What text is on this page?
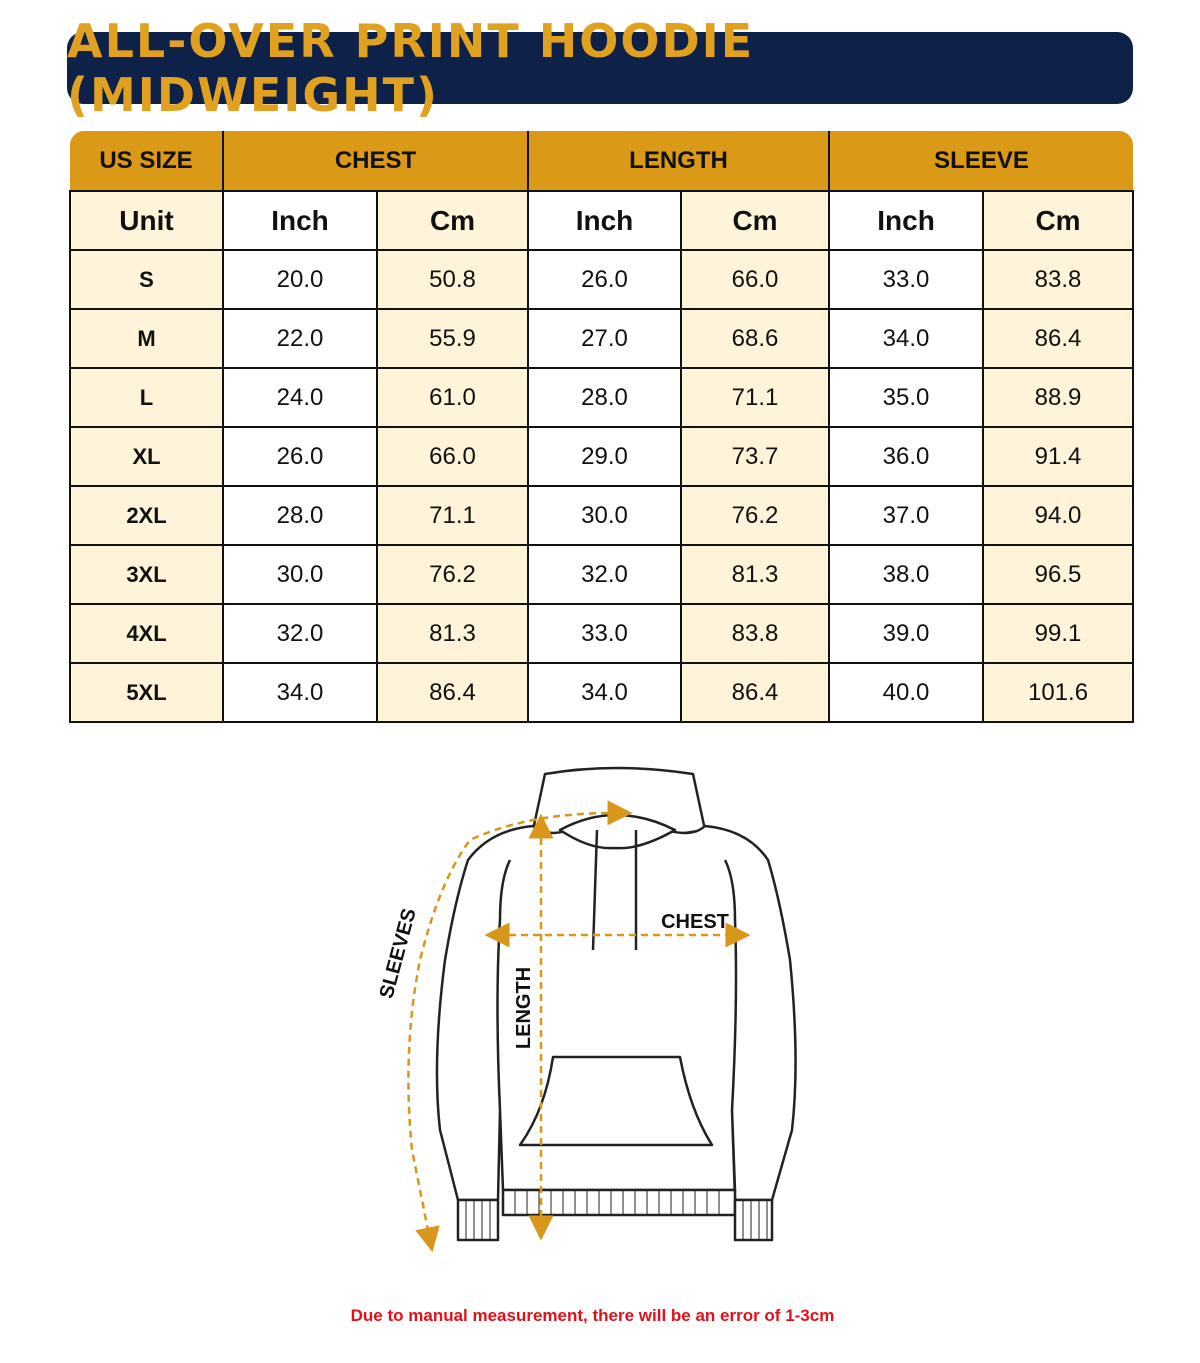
ALL-OVER PRINT HOODIE (MIDWEIGHT)
US SIZE	CHEST		LENGTH		SLEEVE	
Unit	Inch	Cm	Inch	Cm	Inch	Cm
S	20.0	50.8	26.0	66.0	33.0	83.8
M	22.0	55.9	27.0	68.6	34.0	86.4
L	24.0	61.0	28.0	71.1	35.0	88.9
XL	26.0	66.0	29.0	73.7	36.0	91.4
2XL	28.0	71.1	30.0	76.2	37.0	94.0
3XL	30.0	76.2	32.0	81.3	38.0	96.5
4XL	32.0	81.3	33.0	83.8	39.0	99.1
5XL	34.0	86.4	34.0	86.4	40.0	101.6
CHEST
LENGTH
SLEEVES
Due to manual measurement, there will be an error of 1-3cm
